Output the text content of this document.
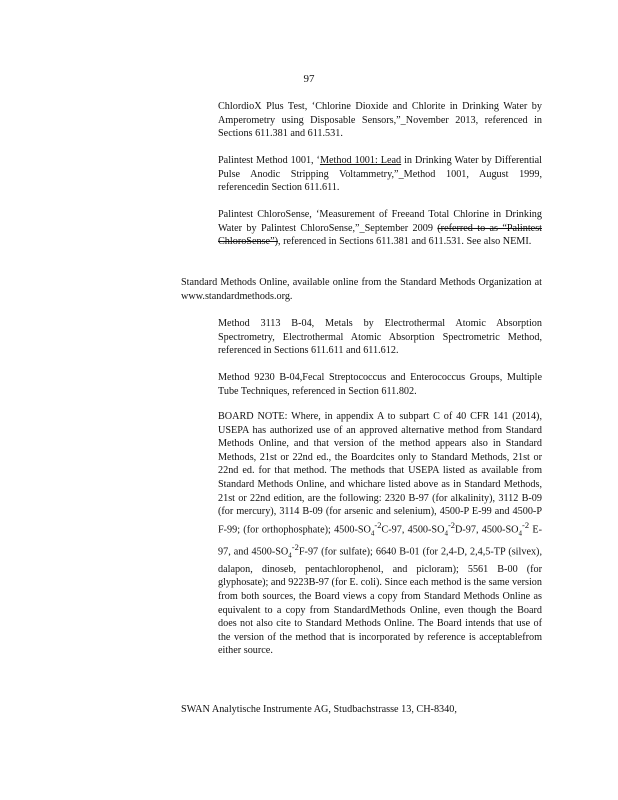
97
ChlordioX Plus Test, ‘Chlorine Dioxide and Chlorite in Drinking Water by Amperometry using Disposable Sensors,”_November 2013, referenced in Sections 611.381 and 611.531.
Palintest Method 1001, ‘Method 1001: Lead in Drinking Water by Differential Pulse Anodic Stripping Voltammetry,”_Method 1001, August 1999, referencedin Section 611.611.
Palintest ChloroSense, ‘Measurement of Freeand Total Chlorine in Drinking Water by Palintest ChloroSense,”_September 2009 (referred to as “Palintest ChloroSense”), referenced in Sections 611.381 and 611.531. See also NEMI.
Standard Methods Online, available online from the Standard Methods Organization at www.standardmethods.org.
Method 3113 B-04, Metals by Electrothermal Atomic Absorption Spectrometry, Electrothermal Atomic Absorption Spectrometric Method, referenced in Sections 611.611 and 611.612.
Method 9230 B-04,Fecal Streptococcus and Enterococcus Groups, Multiple Tube Techniques, referenced in Section 611.802.
BOARD NOTE: Where, in appendix A to subpart C of 40 CFR 141 (2014), USEPA has authorized use of an approved alternative method from Standard Methods Online, and that version of the method appears also in Standard Methods, 21st or 22nd ed., the Boardcites only to Standard Methods, 21st or 22nd ed. for that method. The methods that USEPA listed as available from Standard Methods Online, and whichare listed above as in Standard Methods, 21st or 22nd edition, are the following: 2320 B-97 (for alkalinity), 3112 B-09 (for mercury), 3114 B-09 (for arsenic and selenium), 4500-P E-99 and 4500-P F-99; (for orthophosphate); $4500-SO_4^{-2}C-97$, $4500-SO_4^{-2}D-97$, $4500-SO_4^{-2}$ E-97, and $4500-SO_4^{-2}F-97$ (for sulfate); 6640 B-01 (for 2,4-D, 2,4,5-TP (silvex), dalapon, dinoseb, pentachlorophenol, and picloram); 5561 B-00 (for glyphosate); and 9223B-97 (for E. coli). Since each method is the same version from both sources, the Board views a copy from Standard Methods Online as equivalent to a copy from StandardMethods Online, even though the Board does not also cite to Standard Methods Online. The Board intends that use of the version of the method that is incorporated by reference is acceptablefrom either source.
SWAN Analytische Instrumente AG, Studbachstrasse 13, CH-8340,
